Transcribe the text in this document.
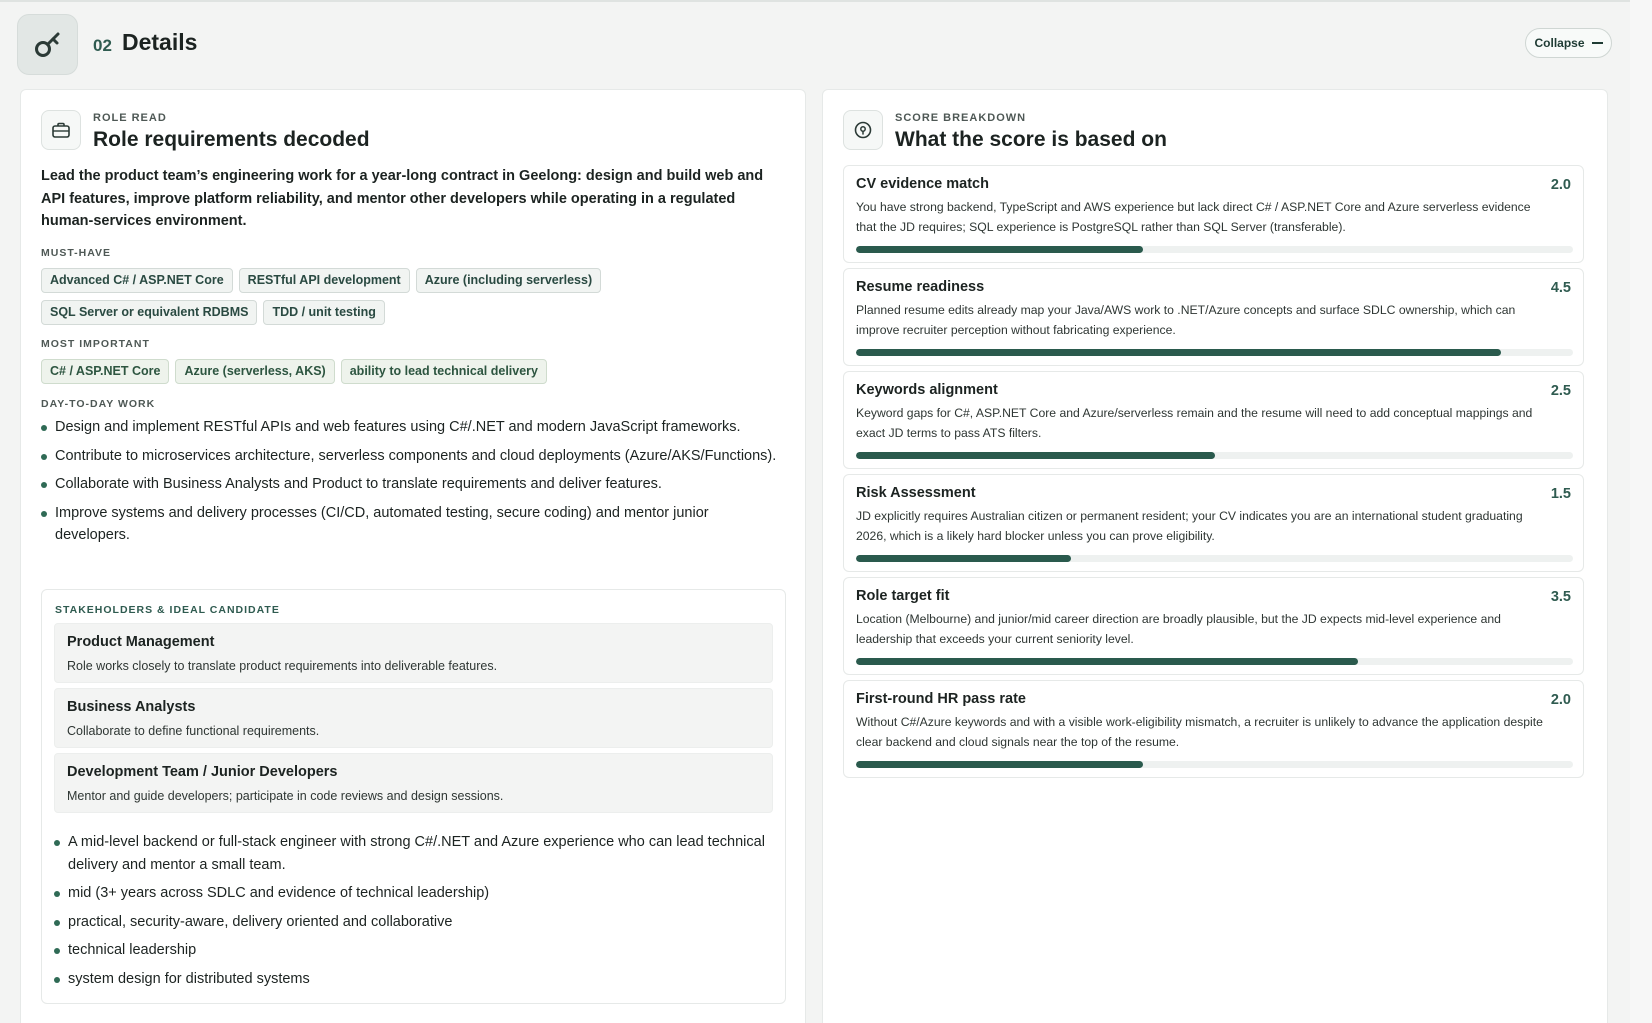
02 Details	Collapse
ROLE READ
Role requirements decoded
Lead the product team’s engineering work for a year-long contract in Geelong: design and build web and API features, improve platform reliability, and mentor other developers while operating in a regulated human-services environment.
MUST-HAVE
Advanced C# / ASP.NET Core	RESTful API development	Azure (including serverless)
SQL Server or equivalent RDBMS	TDD / unit testing
MOST IMPORTANT
C# / ASP.NET Core	Azure (serverless, AKS)	ability to lead technical delivery
DAY-TO-DAY WORK
Design and implement RESTful APIs and web features using C#/.NET and modern JavaScript frameworks.
Contribute to microservices architecture, serverless components and cloud deployments (Azure/AKS/Functions).
Collaborate with Business Analysts and Product to translate requirements and deliver features.
Improve systems and delivery processes (CI/CD, automated testing, secure coding) and mentor junior developers.
STAKEHOLDERS & IDEAL CANDIDATE
Product Management
Role works closely to translate product requirements into deliverable features.
Business Analysts
Collaborate to define functional requirements.
Development Team / Junior Developers
Mentor and guide developers; participate in code reviews and design sessions.
A mid-level backend or full-stack engineer with strong C#/.NET and Azure experience who can lead technical delivery and mentor a small team.
mid (3+ years across SDLC and evidence of technical leadership)
practical, security-aware, delivery oriented and collaborative
technical leadership
system design for distributed systems
SCORE BREAKDOWN
What the score is based on
CV evidence match	2.0
You have strong backend, TypeScript and AWS experience but lack direct C# / ASP.NET Core and Azure serverless evidence that the JD requires; SQL experience is PostgreSQL rather than SQL Server (transferable).
Resume readiness	4.5
Planned resume edits already map your Java/AWS work to .NET/Azure concepts and surface SDLC ownership, which can improve recruiter perception without fabricating experience.
Keywords alignment	2.5
Keyword gaps for C#, ASP.NET Core and Azure/serverless remain and the resume will need to add conceptual mappings and exact JD terms to pass ATS filters.
Risk Assessment	1.5
JD explicitly requires Australian citizen or permanent resident; your CV indicates you are an international student graduating 2026, which is a likely hard blocker unless you can prove eligibility.
Role target fit	3.5
Location (Melbourne) and junior/mid career direction are broadly plausible, but the JD expects mid-level experience and leadership that exceeds your current seniority level.
First-round HR pass rate	2.0
Without C#/Azure keywords and with a visible work-eligibility mismatch, a recruiter is unlikely to advance the application despite clear backend and cloud signals near the top of the resume.
